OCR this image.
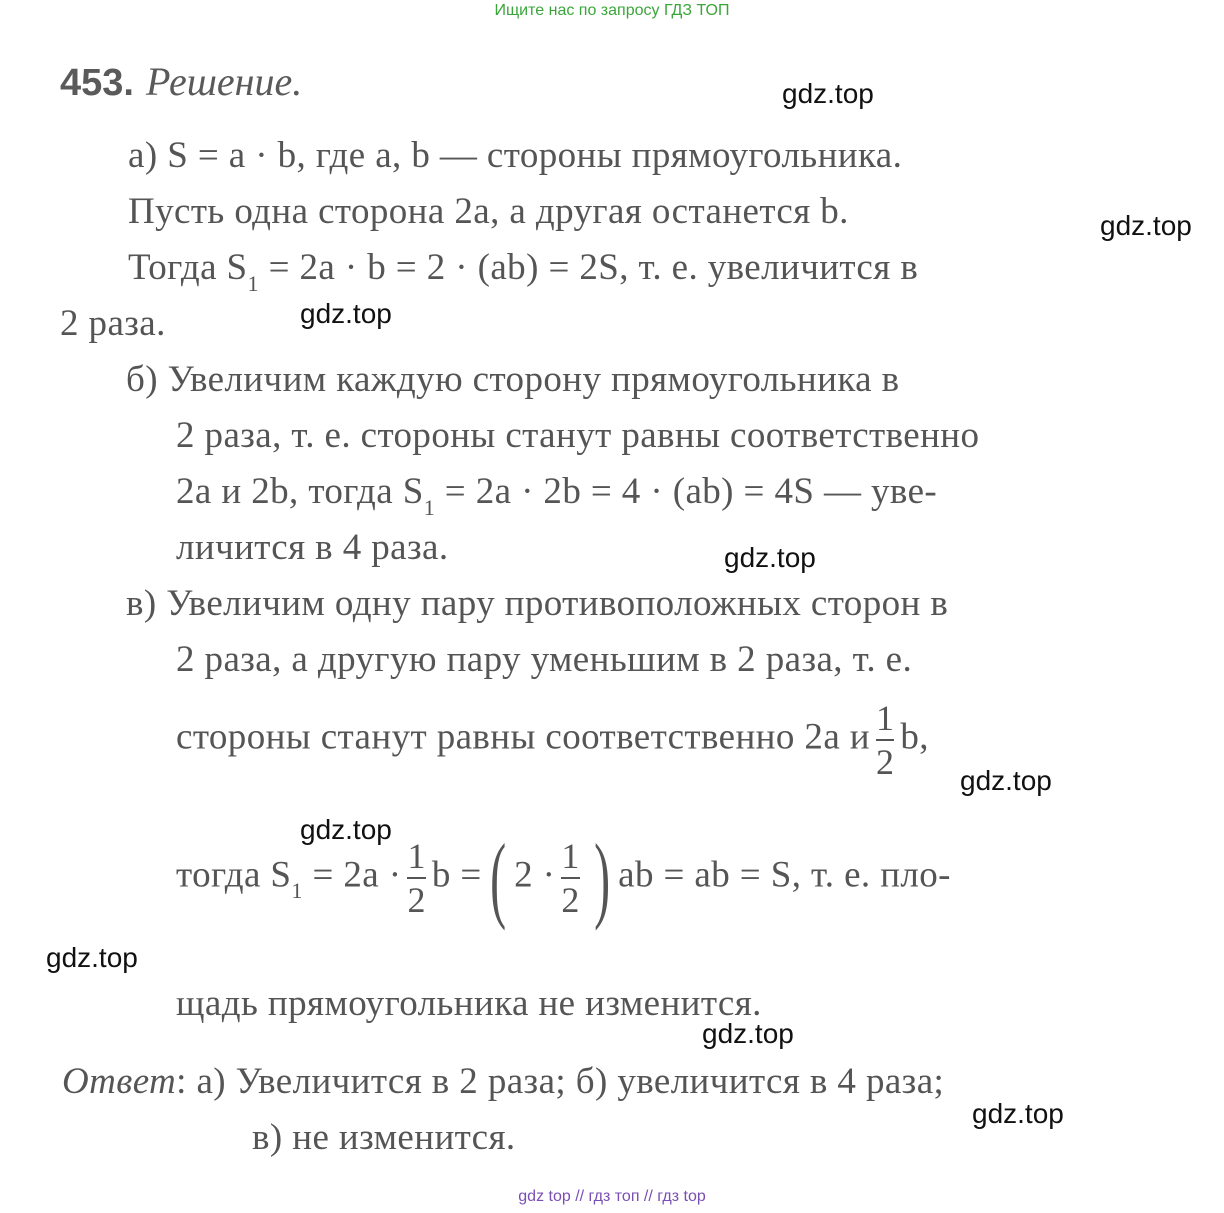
Ищите нас по запросу ГДЗ ТОП
453. Решение.
а) S = a · b, где a, b — стороны прямоугольника.
Пусть одна сторона 2a, а другая останется b.
Тогда $S_1 = 2a \cdot b = 2 \cdot (ab) = 2S$, т. е. увеличится в
2 раза.
б) Увеличим каждую сторону прямоугольника в
2 раза, т. е. стороны станут равны соответственно
2a и 2b, тогда $S_1 = 2a \cdot 2b = 4 \cdot (ab) = 4S$ — уве-
личится в 4 раза.
в) Увеличим одну пару противоположных сторон в
2 раза, а другую пару уменьшим в 2 раза, т. е.
стороны станут равны соответственно 2a и $\frac{1}{2} b$,
тогда $S_1 = 2a \cdot \frac{1}{2}$ b =( $2 \cdot \frac{1}{2}$ ) ab = ab = S, т. е. пло-
щадь прямоугольника не изменится.
Ответ: а) Увеличится в 2 раза; б) увеличится в 4 раза;
в) не изменится.
gdz.top
gdz.top
gdz.top
gdz.top
gdz.top
gdz.top
gdz.top
gdz.top
gdz.top
gdz top // гдз топ // гдз top
